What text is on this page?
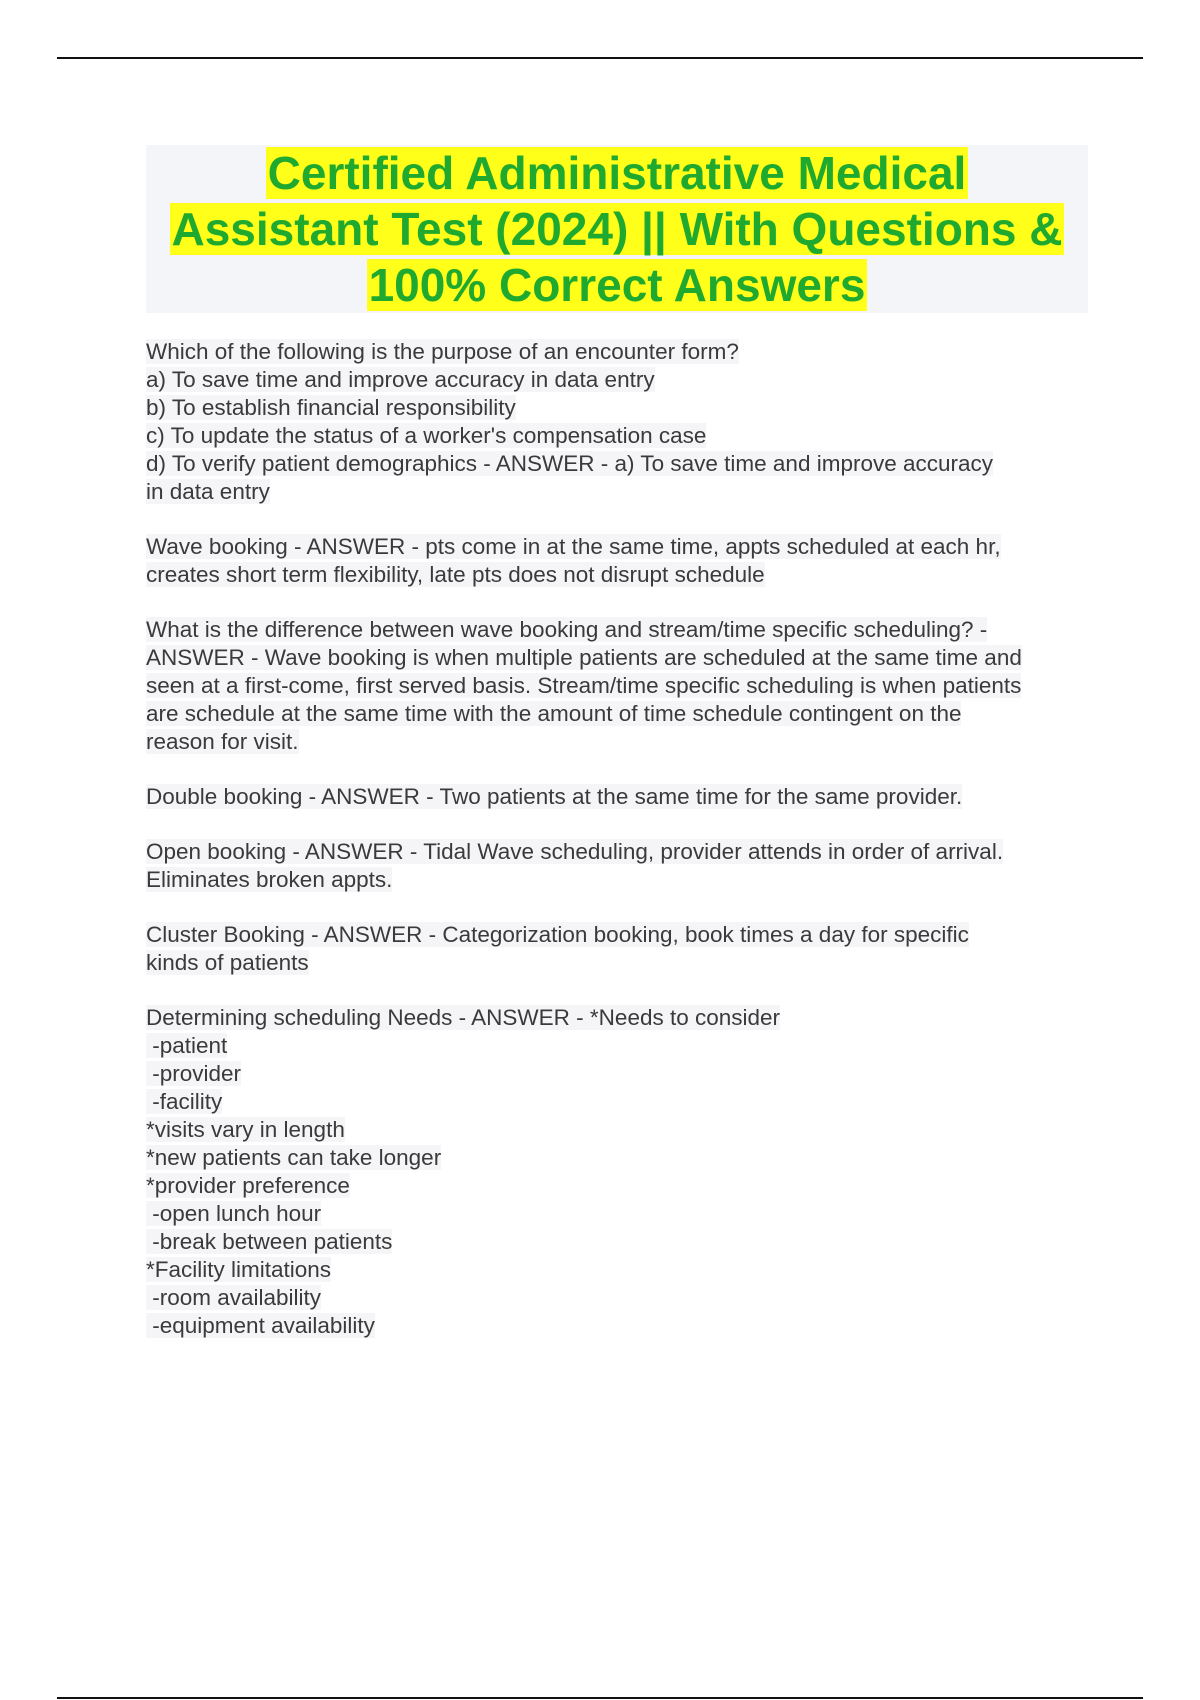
Certified Administrative Medical
Assistant Test (2024) || With Questions &
100% Correct Answers
Which of the following is the purpose of an encounter form?
a) To save time and improve accuracy in data entry
b) To establish financial responsibility
c) To update the status of a worker's compensation case
d) To verify patient demographics - ANSWER - a) To save time and improve accuracy
in data entry
Wave booking - ANSWER - pts come in at the same time, appts scheduled at each hr,
creates short term flexibility, late pts does not disrupt schedule
What is the difference between wave booking and stream/time specific scheduling? -
ANSWER - Wave booking is when multiple patients are scheduled at the same time and
seen at a first-come, first served basis. Stream/time specific scheduling is when patients
are schedule at the same time with the amount of time schedule contingent on the
reason for visit.
Double booking - ANSWER - Two patients at the same time for the same provider.
Open booking - ANSWER - Tidal Wave scheduling, provider attends in order of arrival.
Eliminates broken appts.
Cluster Booking - ANSWER - Categorization booking, book times a day for specific
kinds of patients
Determining scheduling Needs - ANSWER - *Needs to consider
-patient
-provider
-facility
*visits vary in length
*new patients can take longer
*provider preference
-open lunch hour
-break between patients
*Facility limitations
-room availability
-equipment availability
